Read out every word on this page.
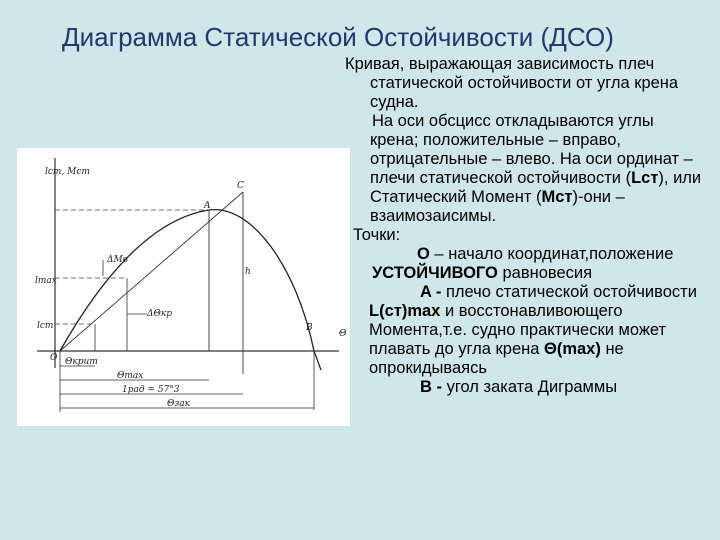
Диаграмма Статической Остойчивости (ДСО)
lст, Mст
lmax
lст
O
A
C
B
Θ
ΔMв
ΔΘкр
h
Θкрит
Θmax
1рад = 57°3
Θзак

Кривая, выражающая зависимость плеч статической остойчивости от угла крена судна.

На оси обсцисс откладываются углы крена; положительные – вправо, отрицательные – влево. На оси ординат –плечи статической остойчивости (Lст), или Статический Момент (Mст)-они – взаимозаисимы.

Точки:

О – начало координат,положение УСТОЙЧИВОГО равновесия

A - плечо статической остойчивости L(ст)max и восстонавливоющего Момента,т.е. судно практически может плавать до угла крена Θ(max) не опрокидываясь

B - угол заката Диграммы
